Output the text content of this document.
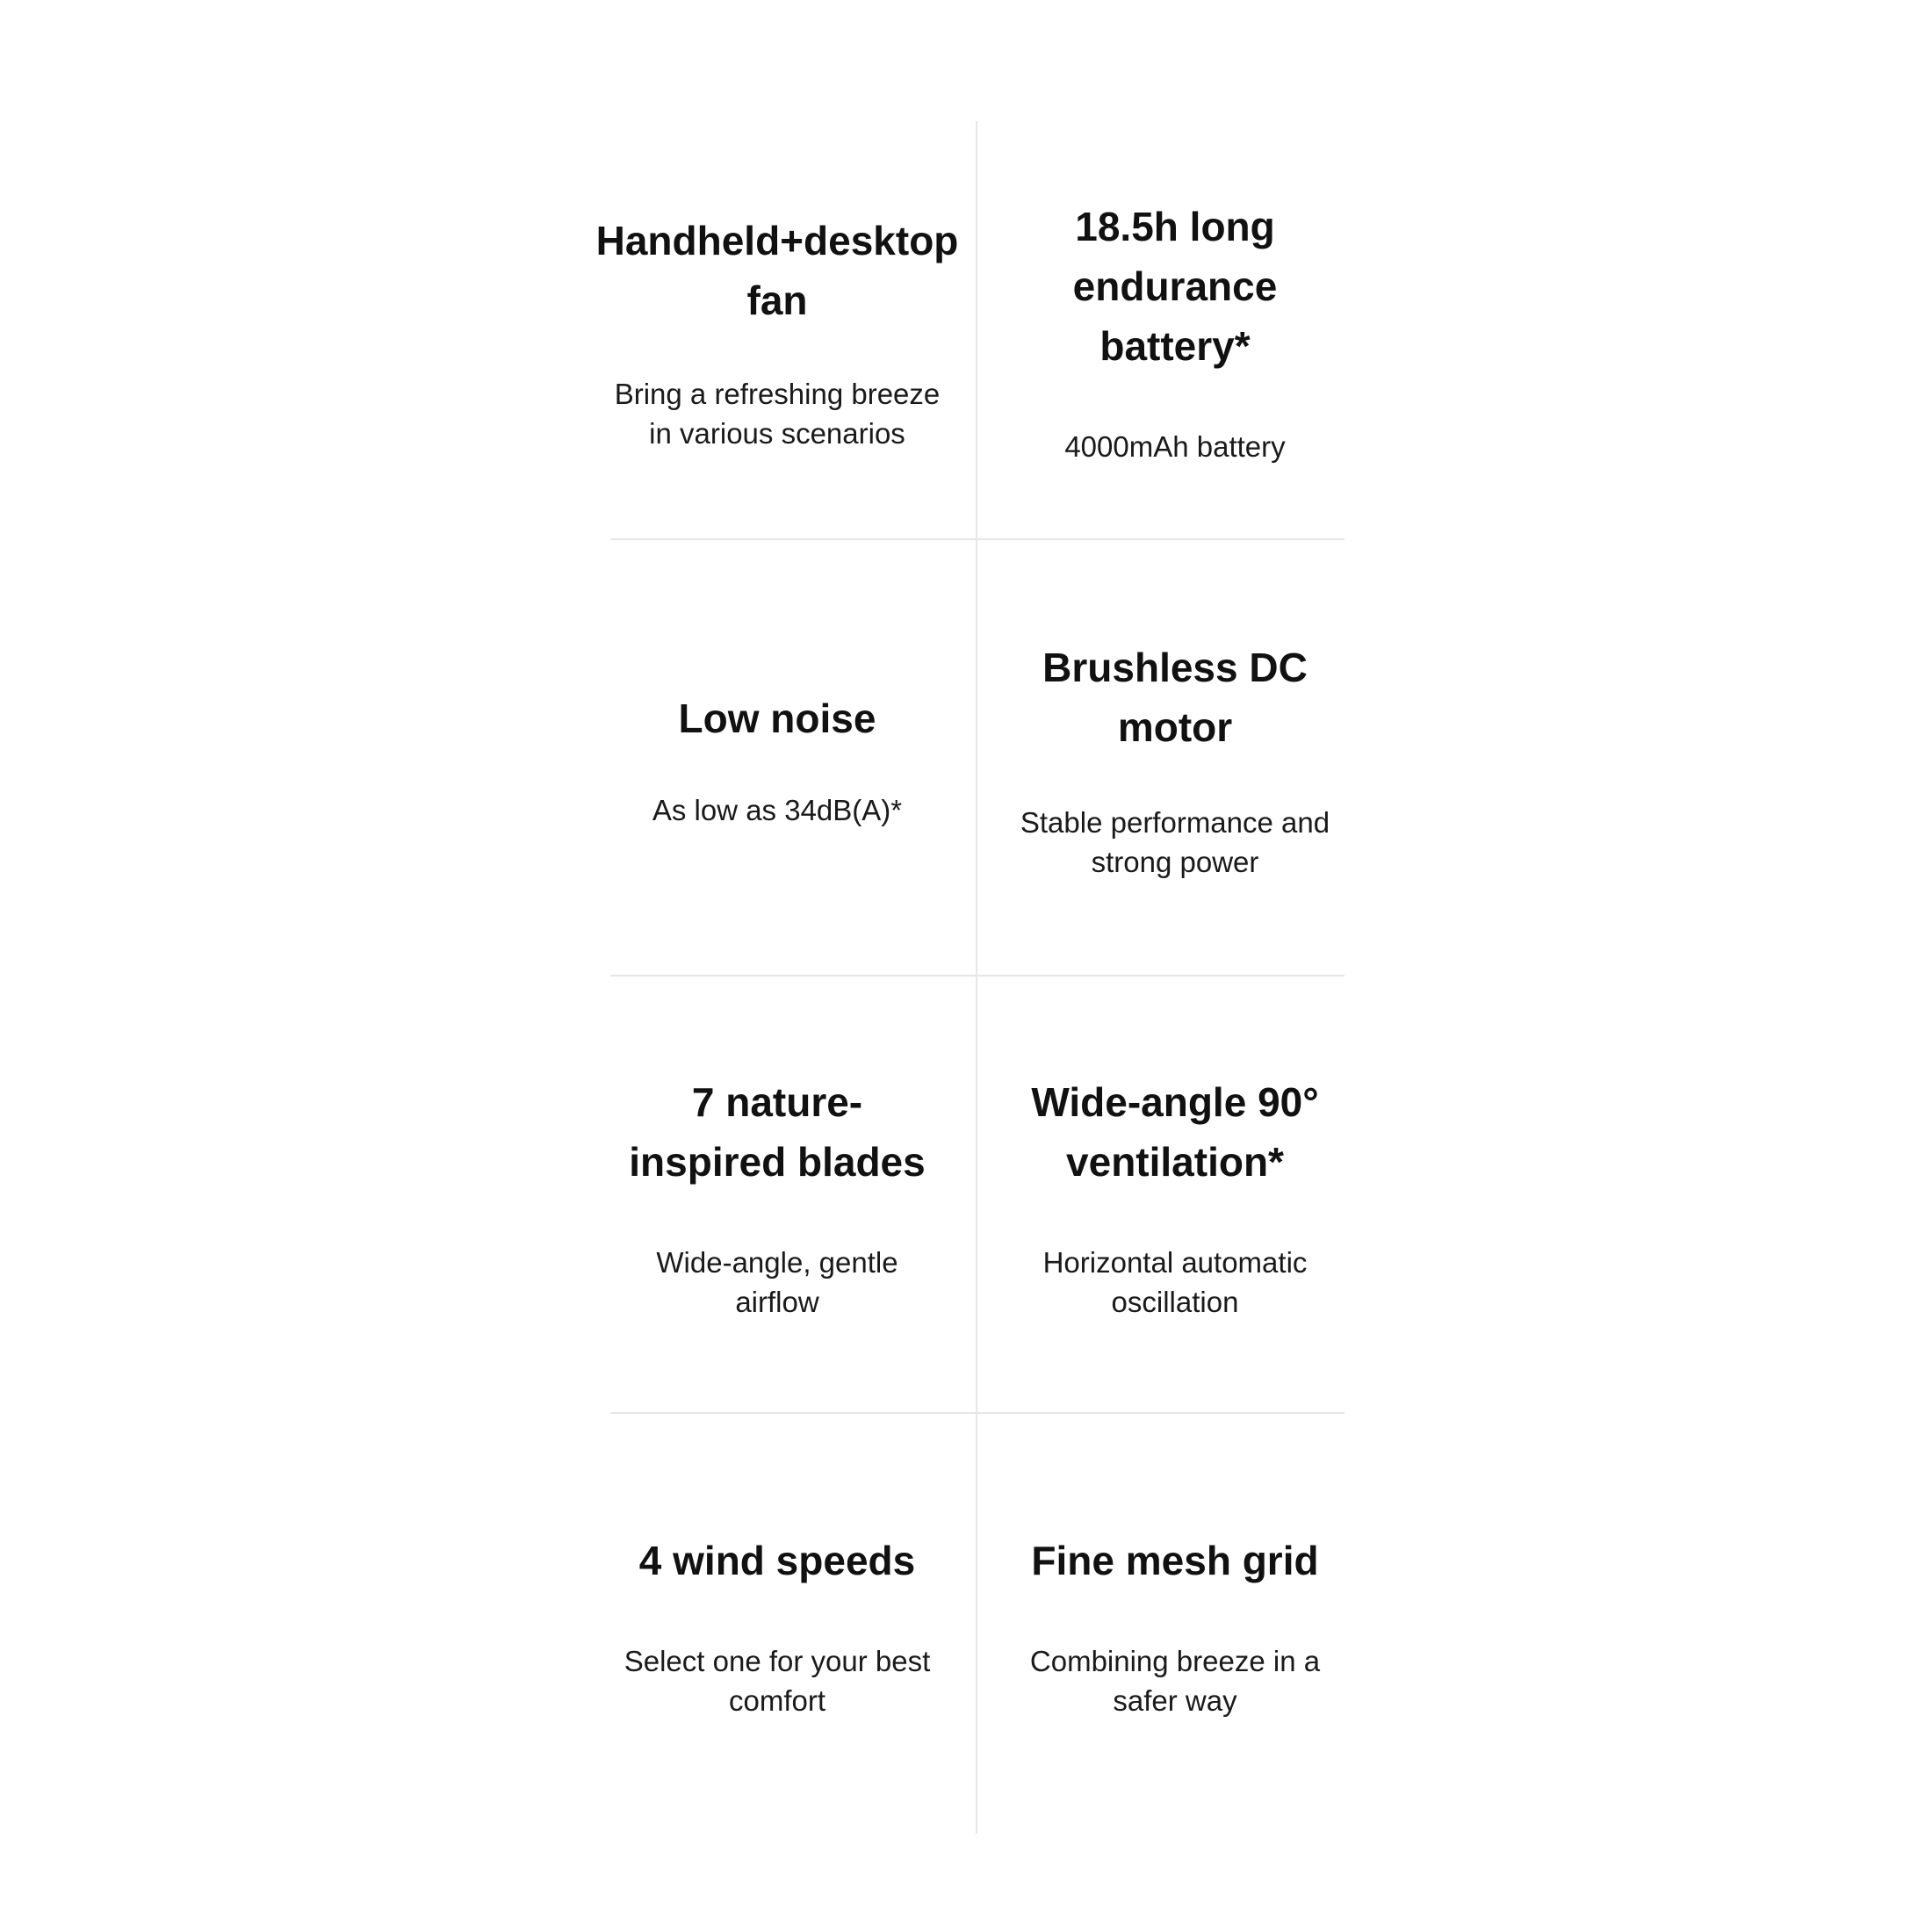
Handheld+desktop fan
Bring a refreshing breeze in various scenarios
18.5h long endurance battery*
4000mAh battery
Low noise
As low as 34dB(A)*
Brushless DC motor
Stable performance and strong power
7 nature-inspired blades
Wide-angle, gentle airflow
Wide-angle 90° ventilation*
Horizontal automatic oscillation
4 wind speeds
Select one for your best comfort
Fine mesh grid
Combining breeze in a safer way
